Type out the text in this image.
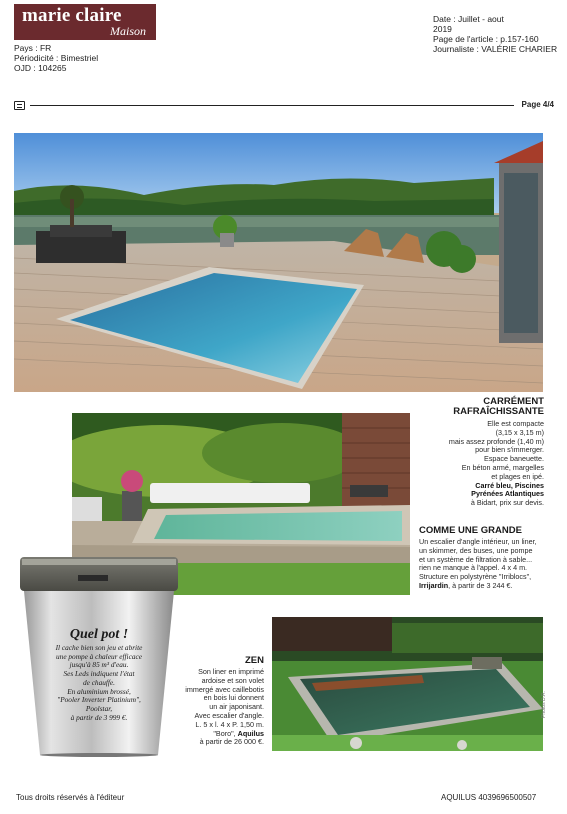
marie claire
Maison
Pays : FR
Périodicité : Bimestriel
OJD : 104265
Date : Juillet - aout
2019
Page de l'article : p.157-160
Journaliste : VALÉRIE CHARIER
Page 4/4
Photos D.R.
Quel pot !
Il cache bien son jeu et abrite
une pompe à chaleur efficace
jusqu'à 85 m³ d'eau.
Ses Leds indiquent l'état
de chauffe.
En aluminium brossé,
"Pooler Inverter Platinium",
Poolstar,
à partir de 3 999 €.
CARRÉMENT
RAFRAÎCHISSANTE
Elle est compacte
(3,15 x 3,15 m)
mais assez profonde (1,40 m)
pour bien s'immerger.
Espace baneuette.
En béton armé, margelles
et plages en ipé.
Carré bleu, Piscines
Pyrénées Atlantiques
à Bidart, prix sur devis.
COMME UNE GRANDE
Un escalier d'angle intérieur, un liner,
un skimmer, des buses, une pompe
et un système de filtration à sable...
rien ne manque à l'appel. 4 x 4 m.
Structure en polystyrène "Irriblocs",
Irrijardin, à partir de 3 244 €.
ZEN
Son liner en imprimé
ardoise et son volet
immergé avec caillebotis
en bois lui donnent
un air japonisant.
Avec escalier d'angle.
L. 5 x l. 4 x P. 1,50 m.
"Boro", Aquilus
à partir de 26 000 €.
Tous droits réservés à l'éditeur	AQUILUS 4039696500507
